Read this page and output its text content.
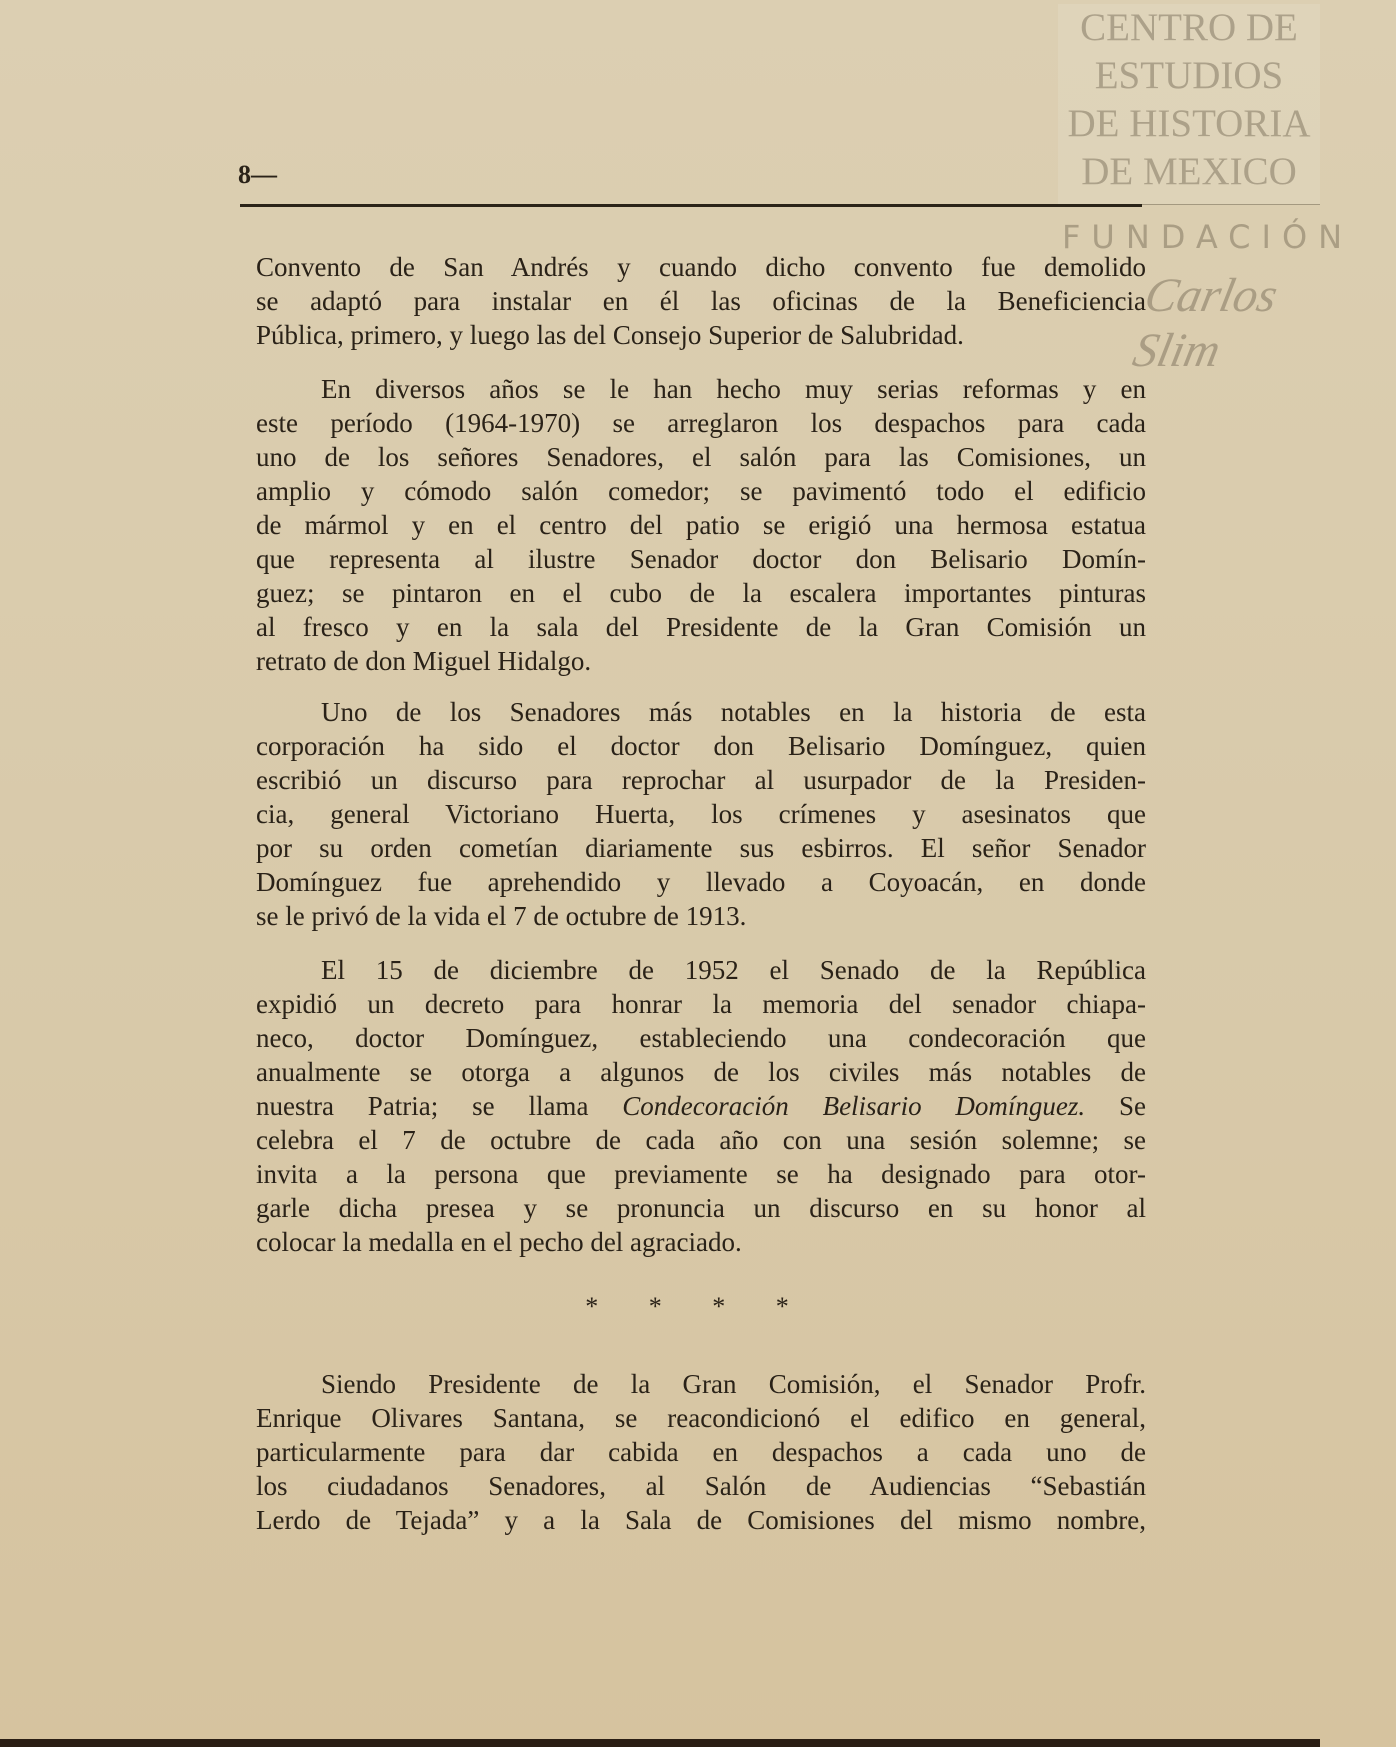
CENTRO DE
ESTUDIOS
DE HISTORIA
DE MEXICO
FUNDACIÓN
Carlos Slim
8—
Convento de San Andrés y cuando dicho convento fue demolido
se adaptó para instalar en él las oficinas de la Beneficiencia
Pública, primero, y luego las del Consejo Superior de Salubridad.
En diversos años se le han hecho muy serias reformas y en
este período (1964-1970) se arreglaron los despachos para cada
uno de los señores Senadores, el salón para las Comisiones, un
amplio y cómodo salón comedor; se pavimentó todo el edificio
de mármol y en el centro del patio se erigió una hermosa estatua
que representa al ilustre Senador doctor don Belisario Domín-
guez; se pintaron en el cubo de la escalera importantes pinturas
al fresco y en la sala del Presidente de la Gran Comisión un
retrato de don Miguel Hidalgo.
Uno de los Senadores más notables en la historia de esta
corporación ha sido el doctor don Belisario Domínguez, quien
escribió un discurso para reprochar al usurpador de la Presiden-
cia, general Victoriano Huerta, los crímenes y asesinatos que
por su orden cometían diariamente sus esbirros. El señor Senador
Domínguez fue aprehendido y llevado a Coyoacán, en donde
se le privó de la vida el 7 de octubre de 1913.
El 15 de diciembre de 1952 el Senado de la República
expidió un decreto para honrar la memoria del senador chiapa-
neco, doctor Domínguez, estableciendo una condecoración que
anualmente se otorga a algunos de los civiles más notables de
nuestra Patria; se llama Condecoración Belisario Domínguez. Se
celebra el 7 de octubre de cada año con una sesión solemne; se
invita a la persona que previamente se ha designado para otor-
garle dicha presea y se pronuncia un discurso en su honor al
colocar la medalla en el pecho del agraciado.
Siendo Presidente de la Gran Comisión, el Senador Profr.
Enrique Olivares Santana, se reacondicionó el edifico en general,
particularmente para dar cabida en despachos a cada uno de
los ciudadanos Senadores, al Salón de Audiencias “Sebastián
Lerdo de Tejada” y a la Sala de Comisiones del mismo nombre,
* * * *
